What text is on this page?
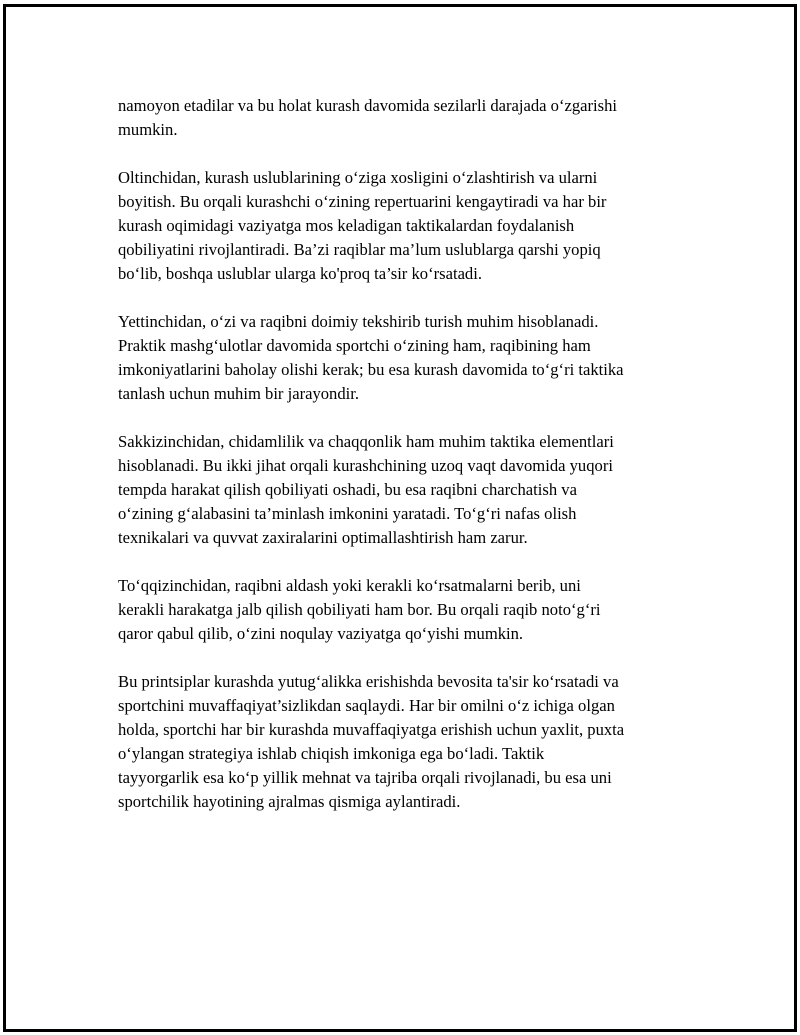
namoyon etadilar va bu holat kurash davomida sezilarli darajada o‘zgarishi
mumkin.

Oltinchidan, kurash uslublarining o‘ziga xosligini o‘zlashtirish va ularni
boyitish. Bu orqali kurashchi o‘zining repertuarini kengaytiradi va har bir
kurash oqimidagi vaziyatga mos keladigan taktikalardan foydalanish
qobiliyatini rivojlantiradi. Ba’zi raqiblar ma’lum uslublarga qarshi yopiq
bo‘lib, boshqa uslublar ularga ko'proq ta’sir ko‘rsatadi.

Yettinchidan, o‘zi va raqibni doimiy tekshirib turish muhim hisoblanadi.
Praktik mashg‘ulotlar davomida sportchi o‘zining ham, raqibining ham
imkoniyatlarini baholay olishi kerak; bu esa kurash davomida to‘g‘ri taktika
tanlash uchun muhim bir jarayondir.

Sakkizinchidan, chidamlilik va chaqqonlik ham muhim taktika elementlari
hisoblanadi. Bu ikki jihat orqali kurashchining uzoq vaqt davomida yuqori
tempda harakat qilish qobiliyati oshadi, bu esa raqibni charchatish va
o‘zining g‘alabasini ta’minlash imkonini yaratadi. To‘g‘ri nafas olish
texnikalari va quvvat zaxiralarini optimallashtirish ham zarur.

To‘qqizinchidan, raqibni aldash yoki kerakli ko‘rsatmalarni berib, uni
kerakli harakatga jalb qilish qobiliyati ham bor. Bu orqali raqib noto‘g‘ri
qaror qabul qilib, o‘zini noqulay vaziyatga qo‘yishi mumkin.

Bu printsiplar kurashda yutug‘alikka erishishda bevosita ta'sir ko‘rsatadi va
sportchini muvaffaqiyat’sizlikdan saqlaydi. Har bir omilni o‘z ichiga olgan
holda, sportchi har bir kurashda muvaffaqiyatga erishish uchun yaxlit, puxta
o‘ylangan strategiya ishlab chiqish imkoniga ega bo‘ladi. Taktik
tayyorgarlik esa ko‘p yillik mehnat va tajriba orqali rivojlanadi, bu esa uni
sportchilik hayotining ajralmas qismiga aylantiradi.
